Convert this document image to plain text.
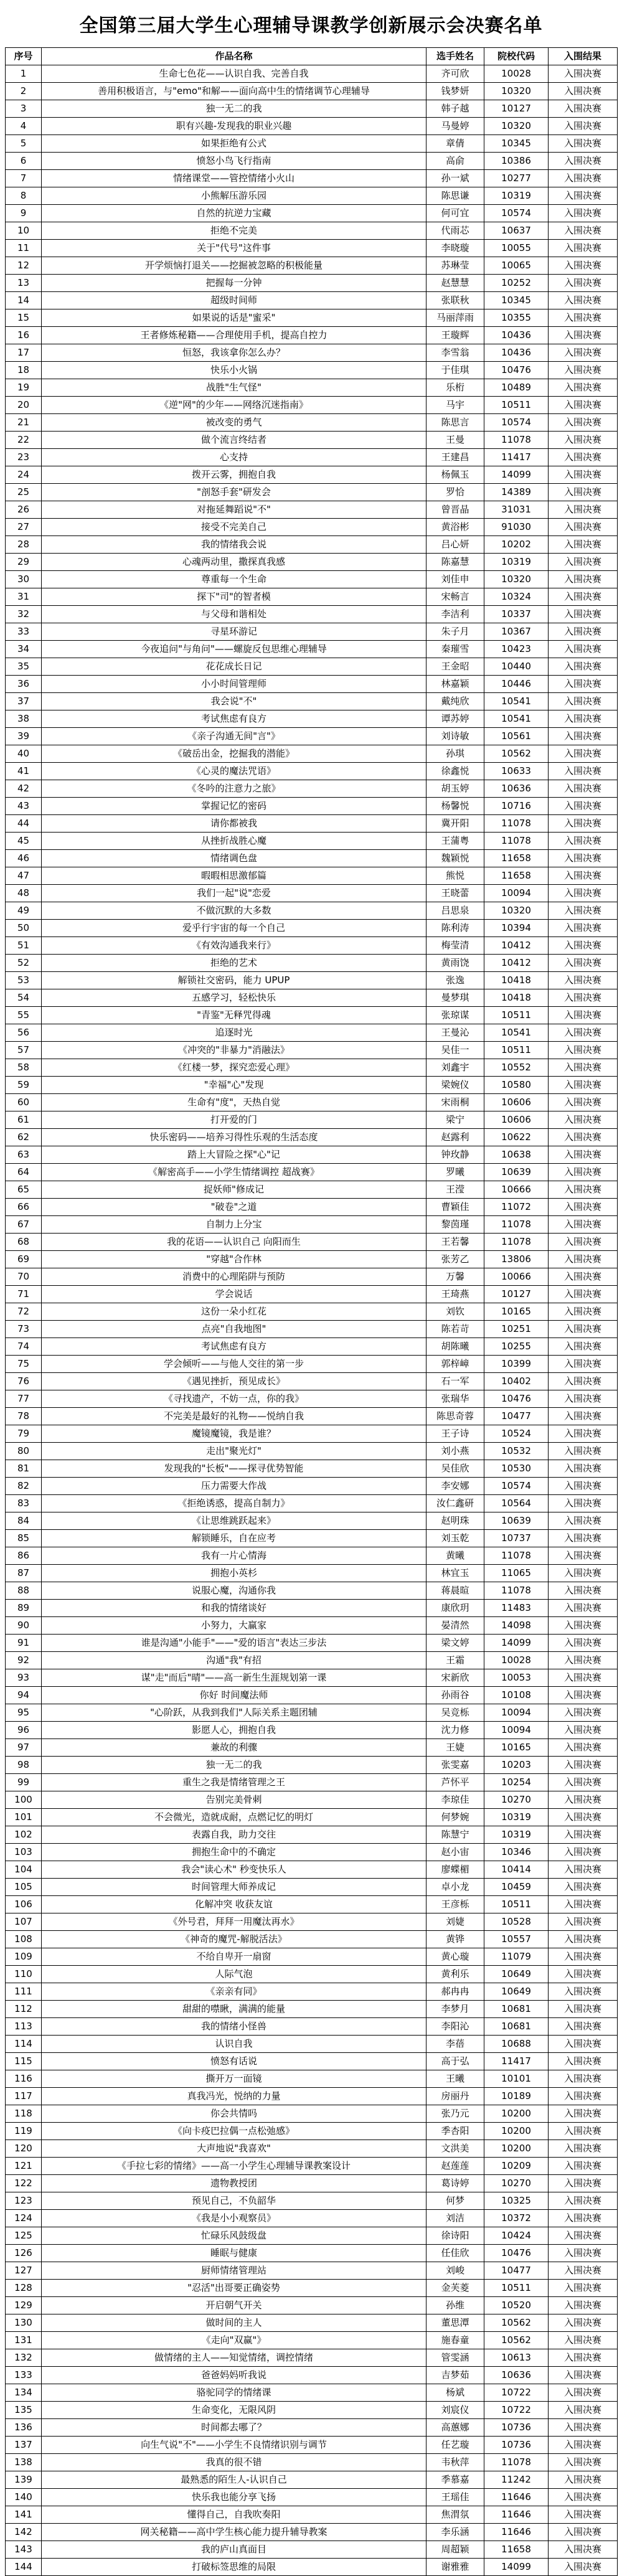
全国第三届大学生心理辅导课教学创新展示会决赛名单
序号	作品名称	选手姓名	院校代码	入围结果
1	生命七色花——认识自我、完善自我	齐可欣	10028	入围决赛
2	善用积极语言，与"emo"和解——面向高中生的情绪调节心理辅导	钱梦妍	10320	入围决赛
3	独一无二的我	韩子越	10127	入围决赛
4	职有兴趣-发现我的职业兴趣	马曼婷	10320	入围决赛
5	如果拒绝有公式	章倩	10345	入围决赛
6	愤怒小鸟飞行指南	高俞	10386	入围决赛
7	情绪课堂——管控情绪小火山	孙一斌	10277	入围决赛
8	小熊解压游乐园	陈思谦	10319	入围决赛
9	自然的抗逆力宝藏	何可宜	10574	入围决赛
10	拒绝不完美	代雨芯	10637	入围决赛
11	关于"代号"这件事	李晓璇	10055	入围决赛
12	开学烦恼打退关——挖掘被忽略的积极能量	苏琳莹	10065	入围决赛
13	把握每一分钟	赵慧慧	10252	入围决赛
14	超级时间师	张联秋	10345	入围决赛
15	如果说的话是"蜜采"	马丽萍雨	10355	入围决赛
16	王者修炼秘籍——合理使用手机，提高自控力	王璇辉	10436	入围决赛
17	恒怒，我该拿你怎么办？	李雪翁	10436	入围决赛
18	快乐小火锅	于佳琪	10476	入围决赛
19	战胜"生气怪"	乐桁	10489	入围决赛
20	《逆"网"的少年——网络沉迷指南》	马宇	10511	入围决赛
21	被改变的勇气	陈思言	10574	入围决赛
22	做个流言终结者	王曼	11078	入围决赛
23	心支持	王建昌	11417	入围决赛
24	拨开云雾，拥抱自我	杨佩玉	14099	入围决赛
25	"剖怒手套"研发会	罗恰	14389	入围决赛
26	对拖延舞蹈说"不"	曾晋晶	31031	入围决赛
27	接受不完美自己	黄浴彬	91030	入围决赛
28	我的情绪我会说	吕心妍	10202	入围决赛
29	心魂两动里，撒探真我感	陈嘉慧	10319	入围决赛
30	尊重每一个生命	刘佳申	10320	入围决赛
31	探下"司"的智者模	宋畅言	10324	入围决赛
32	与父母和谐相处	李洁利	10337	入围决赛
33	寻星环游记	朱子月	10367	入围决赛
34	今夜追问"与角问"——螺旋反包思维心理辅导	秦璀雪	10423	入围决赛
35	花花成长日记	王金昭	10440	入围决赛
36	小小时间管理师	林嘉颖	10446	入围决赛
37	我会说"不"	戴纯欣	10541	入围决赛
38	考试焦虑有良方	谭苏婷	10541	入围决赛
39	《亲子沟通无间"言"》	刘诗敏	10561	入围决赛
40	《破岳出金，挖掘我的潜能》	孙琪	10562	入围决赛
41	《心灵的魔法咒语》	徐鑫悦	10633	入围决赛
42	《冬吟的注意力之旅》	胡玉婷	10636	入围决赛
43	掌握记忆的密码	杨馨悦	10716	入围决赛
44	请你都被我	冀开阳	11078	入围决赛
45	从挫折战胜心魔	王蒲粤	11078	入围决赛
46	情绪调色盘	魏颖悦	11658	入围决赛
47	暇暇相思激郁篇	熊悦	11658	入围决赛
48	我们一起"说"恋爱	王晓蕾	10094	入围决赛
49	不做沉默的大多数	吕思泉	10320	入围决赛
50	爱乎行宇宙的每一个自己	陈利涛	10394	入围决赛
51	《有效沟通我来行》	梅莹清	10412	入围决赛
52	拒绝的艺术	黄雨饶	10412	入围决赛
53	解锁社交密码，能力 UPUP	张逸	10418	入围决赛
54	五感学习，轻松快乐	曼梦琪	10418	入围决赛
55	"青鉴"无释咒得魂	张琼谋	10511	入围决赛
56	追逐时光	王曼沁	10541	入围决赛
57	《冲突的"非暴力"消融法》	吴佳一	10511	入围决赛
58	《红楼一梦，探究恋爱心理》	刘鑫宇	10552	入围决赛
59	"幸福"心"发现	梁婉仪	10580	入围决赛
60	生命有"度"，天热自觉	宋雨桐	10606	入围决赛
61	打开爱的门	梁宁	10606	入围决赛
62	快乐密码——培养习得性乐观的生活态度	赵露利	10622	入围决赛
63	踏上大冒险之探"心"记	钟玫静	10638	入围决赛
64	《解密高手——小学生情绪调控 超战赛》	罗曦	10639	入围决赛
65	捉妖师"修成记	王滢	10666	入围决赛
66	"破卷"之道	曹颖佳	11072	入围决赛
67	自制力上分宝	黎茵瑾	11078	入围决赛
68	我的花语——认识自己 向阳而生	王若馨	11078	入围决赛
69	"穿越"合作林	张芳乙	13806	入围决赛
70	消费中的心理陷阱与预防	万馨	10066	入围决赛
71	学会说话	王琦燕	10127	入围决赛
72	这份一朵小红花	刘钦	10165	入围决赛
73	点亮"自我地图"	陈若苛	10251	入围决赛
74	考试焦虑有良方	胡陈曦	10255	入围决赛
75	学会倾听——与他人交往的第一步	郭梓嶂	10399	入围决赛
76	《遇见挫折，预见成长》	石一军	10402	入围决赛
77	《寻找遗产，不妨一点，你的我》	张瑞华	10476	入围决赛
78	不完美是最好的礼物——悦纳自我	陈思奇蓉	10477	入围决赛
79	魔镜魔镜，我是谁？	王子诗	10524	入围决赛
80	走出"聚光灯"	刘小燕	10532	入围决赛
81	发现我的"长板"——探寻优势智能	吴佳欣	10530	入围决赛
82	压力需要大作战	李安娜	10574	入围决赛
83	《拒绝诱惑，提高自制力》	汝仁鑫研	10564	入围决赛
84	《让思维跳跃起来》	赵明珠	10639	入围决赛
85	解锁睡乐，自在应考	刘玉乾	10737	入围决赛
86	我有一片心情海	黄曦	11078	入围决赛
87	拥抱小英杉	林宜玉	11065	入围决赛
88	说服心魔，沟通你我	蒋晨暄	11078	入围决赛
89	和我的情绪谈好	康欣玥	11483	入围决赛
90	小努力，大赢家	晏清然	14098	入围决赛
91	谁是沟通"小能手"——"爱的语言"表达三步法	梁文婷	14099	入围决赛
92	沟通"我"有招	王霜	10028	入围决赛
93	谋"走"而后"晴"——高一新生生涯规划第一课	宋新欣	10053	入围决赛
94	你好 时间魔法师	孙雨谷	10108	入围决赛
95	"心阶跃，从我到我们"人际关系主题团辅	吴竞栎	10094	入围决赛
96	影愿人心，拥抱自我	沈力修	10094	入围决赛
97	兼故的利骤	王婕	10165	入围决赛
98	独一无二的我	张雯嘉	10203	入围决赛
99	重生之我是情绪管理之王	芦怀平	10254	入围决赛
100	告别完美骨刺	李琼佳	10270	入围决赛
101	不会微光，造就成耐，点燃记忆的明灯	何梦婉	10319	入围决赛
102	表露自我，助力交往	陈慧宁	10319	入围决赛
103	拥抱生命中的不确定	赵小宙	10346	入围决赛
104	我会"读心术" 秒变快乐人	廖蝶楣	10414	入围决赛
105	时间管理大师养成记	卓小龙	10459	入围决赛
106	化解冲突 收获友谊	王彦栎	10511	入围决赛
107	《外号君，拜拜一用魔汰再水》	刘婕	10528	入围决赛
108	《神奇的魔咒-解脱活法》	黄铧	10557	入围决赛
109	不给自卑开一扇窗	黄心璇	11079	入围决赛
110	人际气泡	黄利乐	10649	入围决赛
111	《亲亲有同》	郝冉冉	10649	入围决赛
112	甜甜的噤瞅，满满的能量	李梦月	10681	入围决赛
113	我的情绪小怪兽	李阳沁	10681	入围决赛
114	认识自我	李蓓	10688	入围决赛
115	愤怒有话说	高于弘	11417	入围决赛
116	撕开万一面镜	王曦	10101	入围决赛
117	真我冯光，悦纳的力量	房丽丹	10189	入围决赛
118	你会共情吗	张乃元	10200	入围决赛
119	《向卡疫巴拉偶一点松弛感》	季杏阳	10200	入围决赛
120	大声地说"我喜欢"	文洪美	10200	入围决赛
121	《手拉七彩的情绪》——高一小学生心理辅导课教案设计	赵莲莲	10209	入围决赛
122	遗物教授团	葛诗婷	10270	入围决赛
123	预见自己，不负韶华	何梦	10325	入围决赛
124	《我是小小观察员》	刘洁	10372	入围决赛
125	忙碌乐风鼓级盘	徐诗阳	10424	入围决赛
126	睡眠与健康	任佳欣	10476	入围决赛
127	厨师情绪管理站	刘峻	10477	入围决赛
128	"忍活"出哥要正确姿势	金芙菱	10511	入围决赛
129	开启朝气开关	孙维	10520	入围决赛
130	做时间的主人	董思潭	10562	入围决赛
131	《走向"双赢"》	施春童	10562	入围决赛
132	做情绪的主人——知觉情绪，调控情绪	管雯涵	10613	入围决赛
133	爸爸妈妈听我说	吉梦茹	10636	入围决赛
134	骆驼同学的情绪课	杨斌	10722	入围决赛
135	生命变化，无限风阴	刘宸仪	10722	入围决赛
136	时间都去哪了？	高蕙娜	10736	入围决赛
137	向生气说"不"——小学生不良情绪识别与调节	任艺璇	10736	入围决赛
138	我真的很不错	韦秋萍	11078	入围决赛
139	最熟悉的陌生人-认识自己	季慕嘉	11242	入围决赛
140	快乐我也能分享飞扬	王瑶佳	11646	入围决赛
141	懂得自己，自我吹奏阳	焦渭氛	11646	入围决赛
142	网关秘籍——高中学生核心能力提升辅导教案	李乐涵	11646	入围决赛
143	我的庐山真面目	周超颖	11658	入围决赛
144	打破标签思维的局限	谢雅雅	14099	入围决赛
